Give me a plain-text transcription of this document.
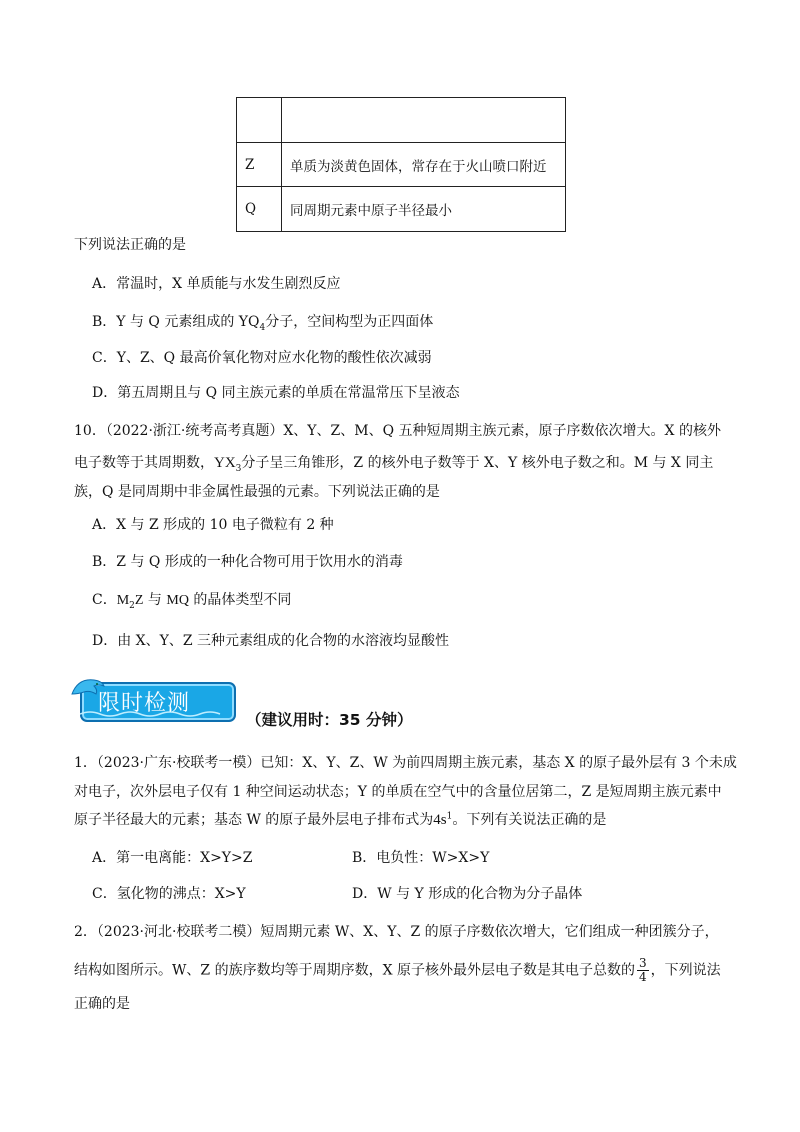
Z	单质为淡黄色固体，常存在于火山喷口附近
Q	同周期元素中原子半径最小
下列说法正确的是
A．常温时，X 单质能与水发生剧烈反应
B．Y 与 Q 元素组成的 $YQ_4$分子，空间构型为正四面体
C．Y、Z、Q 最高价氧化物对应水化物的酸性依次减弱
D．第五周期且与 Q 同主族元素的单质在常温常压下呈液态
10．（2022·浙江·统考高考真题）X、Y、Z、M、Q 五种短周期主族元素，原子序数依次增大。X 的核外
电子数等于其周期数，$YX_3$分子呈三角锥形，Z 的核外电子数等于 X、Y 核外电子数之和。M 与 X 同主
族，Q 是同周期中非金属性最强的元素。下列说法正确的是
A．X 与 Z 形成的 10 电子微粒有 2 种
B．Z 与 Q 形成的一种化合物可用于饮用水的消毒
C．$M_2Z$ 与 MQ 的晶体类型不同
D．由 X、Y、Z 三种元素组成的化合物的水溶液均显酸性
限时检测
（建议用时：35 分钟）
1．（2023·广东·校联考一模）已知：X、Y、Z、W 为前四周期主族元素，基态 X 的原子最外层有 3 个未成
对电子，次外层电子仅有 1 种空间运动状态；Y 的单质在空气中的含量位居第二，Z 是短周期主族元素中
原子半径最大的元素；基态 W 的原子最外层电子排布式为$4s^1$。下列有关说法正确的是
A．第一电离能：X>Y>Z	B．电负性：W>X>Y
C．氢化物的沸点：X>Y	D．W 与 Y 形成的化合物为分子晶体
2．（2023·河北·校联考二模）短周期元素 W、X、Y、Z 的原子序数依次增大，它们组成一种团簇分子，
结构如图所示。W、Z 的族序数均等于周期序数，X 原子核外最外层电子数是其电子总数的 $\frac{3}{4}$ ，下列说法
正确的是
